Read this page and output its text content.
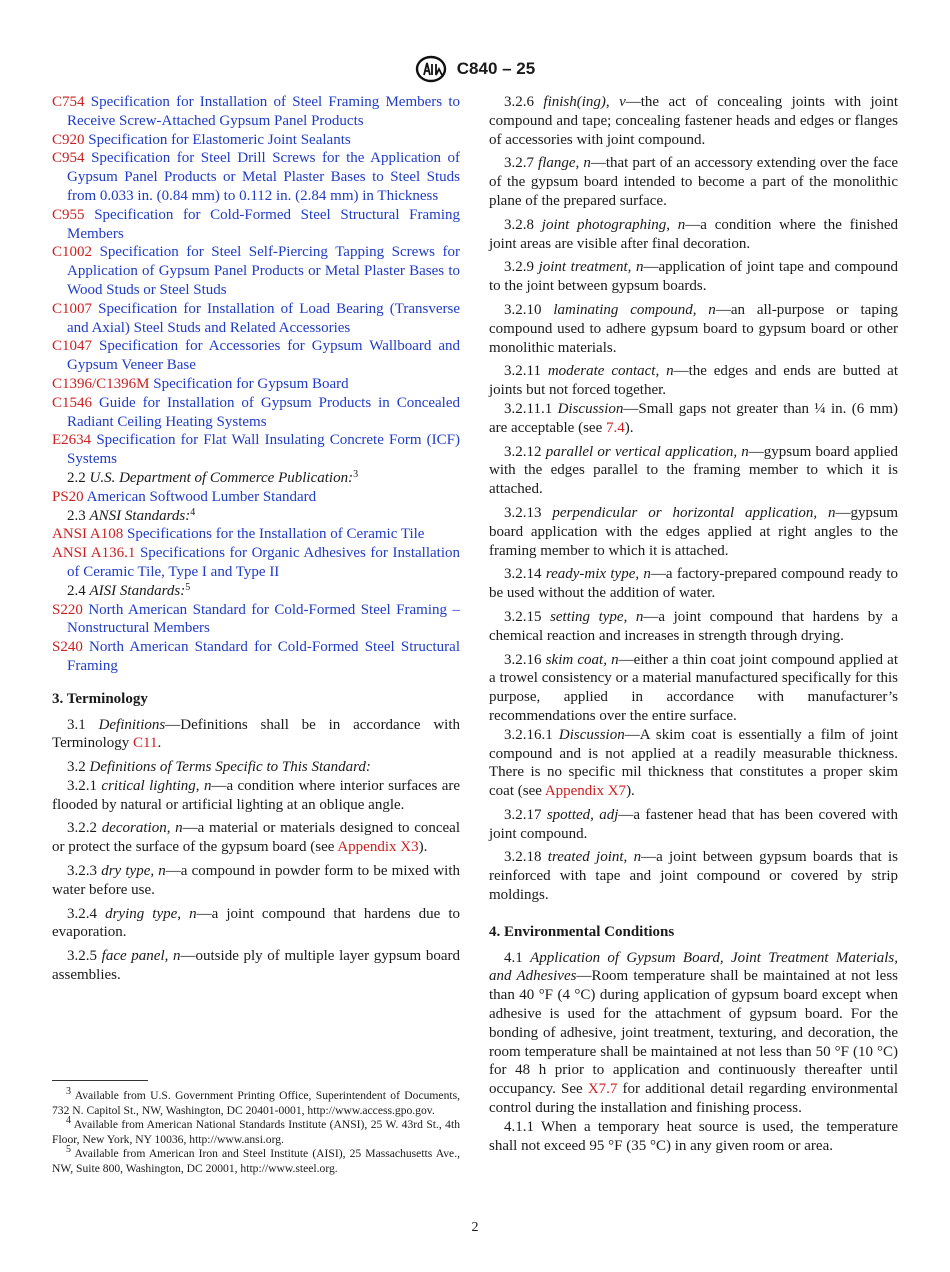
C840 – 25

C754 Specification for Installation of Steel Framing Members to Receive Screw-Attached Gypsum Panel Products

C920 Specification for Elastomeric Joint Sealants

C954 Specification for Steel Drill Screws for the Application of Gypsum Panel Products or Metal Plaster Bases to Steel Studs from 0.033 in. (0.84 mm) to 0.112 in. (2.84 mm) in Thickness

C955 Specification for Cold-Formed Steel Structural Framing Members

C1002 Specification for Steel Self-Piercing Tapping Screws for Application of Gypsum Panel Products or Metal Plaster Bases to Wood Studs or Steel Studs

C1007 Specification for Installation of Load Bearing (Transverse and Axial) Steel Studs and Related Accessories

C1047 Specification for Accessories for Gypsum Wallboard and Gypsum Veneer Base

C1396/C1396M Specification for Gypsum Board

C1546 Guide for Installation of Gypsum Products in Concealed Radiant Ceiling Heating Systems

E2634 Specification for Flat Wall Insulating Concrete Form (ICF) Systems

2.2 U.S. Department of Commerce Publication:$^3$

PS20 American Softwood Lumber Standard

2.3 ANSI Standards:$^4$

ANSI A108 Specifications for the Installation of Ceramic Tile

ANSI A136.1 Specifications for Organic Adhesives for Installation of Ceramic Tile, Type I and Type II

2.4 AISI Standards:$^5$

S220 North American Standard for Cold-Formed Steel Framing – Nonstructural Members

S240 North American Standard for Cold-Formed Steel Structural Framing

3. Terminology

3.1 Definitions—Definitions shall be in accordance with Terminology C11.

3.2 Definitions of Terms Specific to This Standard:

3.2.1 critical lighting, n—a condition where interior surfaces are flooded by natural or artificial lighting at an oblique angle.

3.2.2 decoration, n—a material or materials designed to conceal or protect the surface of the gypsum board (see Appendix X3).

3.2.3 dry type, n—a compound in powder form to be mixed with water before use.

3.2.4 drying type, n—a joint compound that hardens due to evaporation.

3.2.5 face panel, n—outside ply of multiple layer gypsum board assemblies.

$^3$ Available from U.S. Government Printing Office, Superintendent of Documents, 732 N. Capitol St., NW, Washington, DC 20401-0001, http://www.access.gpo.gov.

$^4$ Available from American National Standards Institute (ANSI), 25 W. 43rd St., 4th Floor, New York, NY 10036, http://www.ansi.org.

$^5$ Available from American Iron and Steel Institute (AISI), 25 Massachusetts Ave., NW, Suite 800, Washington, DC 20001, http://www.steel.org.

3.2.6 finish(ing), v—the act of concealing joints with joint compound and tape; concealing fastener heads and edges or flanges of accessories with joint compound.

3.2.7 flange, n—that part of an accessory extending over the face of the gypsum board intended to become a part of the monolithic plane of the prepared surface.

3.2.8 joint photographing, n—a condition where the finished joint areas are visible after final decoration.

3.2.9 joint treatment, n—application of joint tape and compound to the joint between gypsum boards.

3.2.10 laminating compound, n—an all-purpose or taping compound used to adhere gypsum board to gypsum board or other monolithic materials.

3.2.11 moderate contact, n—the edges and ends are butted at joints but not forced together.

3.2.11.1 Discussion—Small gaps not greater than ¼ in. (6 mm) are acceptable (see 7.4).

3.2.12 parallel or vertical application, n—gypsum board applied with the edges parallel to the framing member to which it is attached.

3.2.13 perpendicular or horizontal application, n—gypsum board application with the edges applied at right angles to the framing member to which it is attached.

3.2.14 ready-mix type, n—a factory-prepared compound ready to be used without the addition of water.

3.2.15 setting type, n—a joint compound that hardens by a chemical reaction and increases in strength through drying.

3.2.16 skim coat, n—either a thin coat joint compound applied at a trowel consistency or a material manufactured specifically for this purpose, applied in accordance with manufacturer’s recommendations over the entire surface.

3.2.16.1 Discussion—A skim coat is essentially a film of joint compound and is not applied at a readily measurable thickness. There is no specific mil thickness that constitutes a proper skim coat (see Appendix X7).

3.2.17 spotted, adj—a fastener head that has been covered with joint compound.

3.2.18 treated joint, n—a joint between gypsum boards that is reinforced with tape and joint compound or covered by strip moldings.

4. Environmental Conditions

4.1 Application of Gypsum Board, Joint Treatment Materials, and Adhesives—Room temperature shall be maintained at not less than 40 °F (4 °C) during application of gypsum board except when adhesive is used for the attachment of gypsum board. For the bonding of adhesive, joint treatment, texturing, and decoration, the room temperature shall be maintained at not less than 50 °F (10 °C) for 48 h prior to application and continuously thereafter until occupancy. See X7.7 for additional detail regarding environmental control during the installation and finishing process.

4.1.1 When a temporary heat source is used, the temperature shall not exceed 95 °F (35 °C) in any given room or area.

2
